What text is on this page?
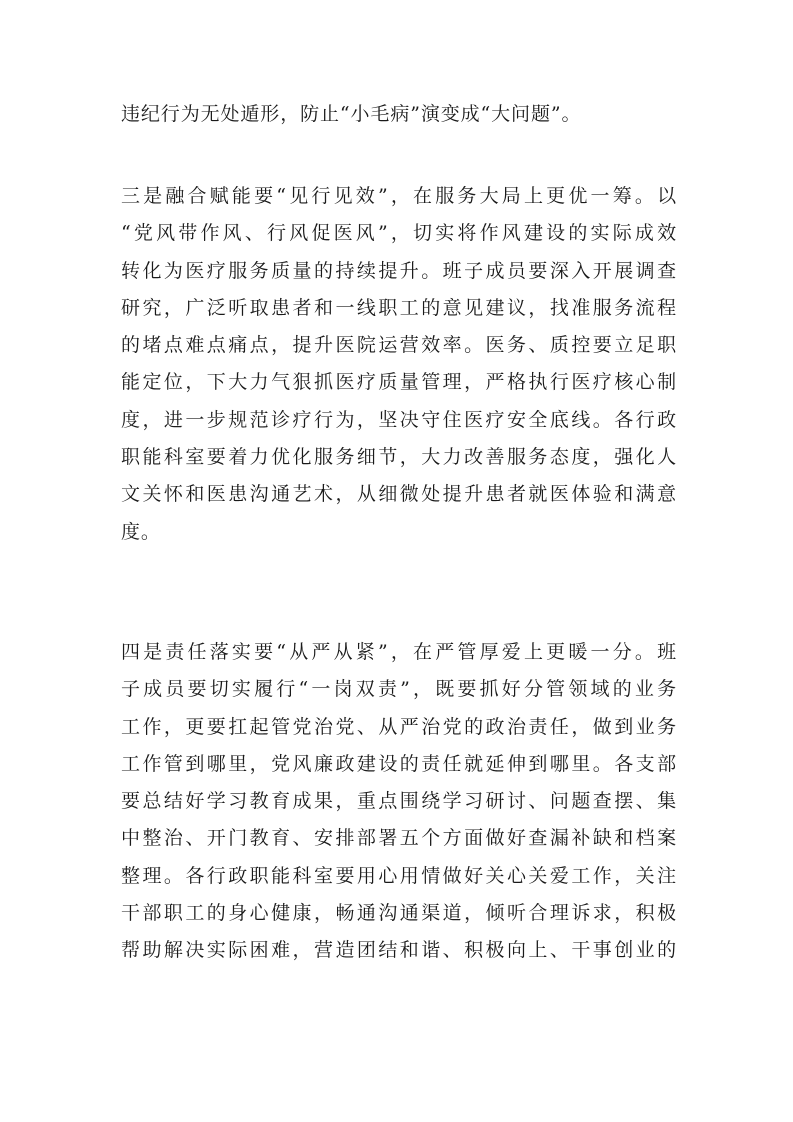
违纪行为无处遁形，防止“小毛病”演变成“大问题”。
三是融合赋能要“见行见效”，在服务大局上更优一筹。以
“党风带作风、行风促医风”，切实将作风建设的实际成效
转化为医疗服务质量的持续提升。班子成员要深入开展调查
研究，广泛听取患者和一线职工的意见建议，找准服务流程
的堵点难点痛点，提升医院运营效率。医务、质控要立足职
能定位，下大力气狠抓医疗质量管理，严格执行医疗核心制
度，进一步规范诊疗行为，坚决守住医疗安全底线。各行政
职能科室要着力优化服务细节，大力改善服务态度，强化人
文关怀和医患沟通艺术，从细微处提升患者就医体验和满意
度。
四是责任落实要“从严从紧”，在严管厚爱上更暖一分。班
子成员要切实履行“一岗双责”，既要抓好分管领域的业务
工作，更要扛起管党治党、从严治党的政治责任，做到业务
工作管到哪里，党风廉政建设的责任就延伸到哪里。各支部
要总结好学习教育成果，重点围绕学习研讨、问题查摆、集
中整治、开门教育、安排部署五个方面做好查漏补缺和档案
整理。各行政职能科室要用心用情做好关心关爱工作，关注
干部职工的身心健康，畅通沟通渠道，倾听合理诉求，积极
帮助解决实际困难，营造团结和谐、积极向上、干事创业的
